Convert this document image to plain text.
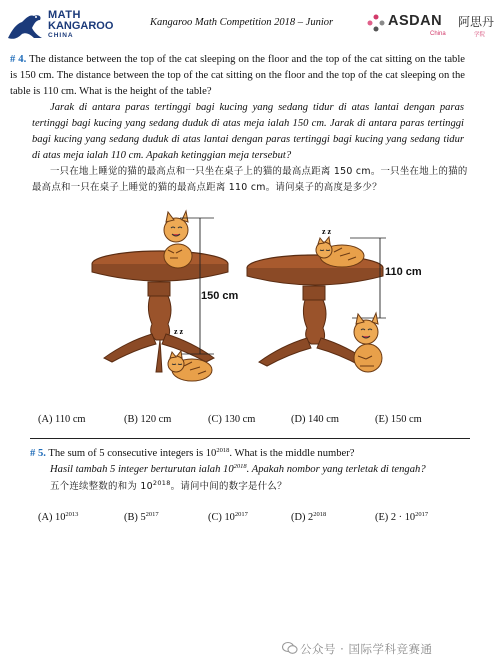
MATH
KANGAROO
CHINA
Kangaroo Math Competition 2018 – Junior	ASDAN
China
阿思丹
学院
# 4. The distance between the top of the cat sleeping on the floor and the top of the cat sitting on the table is 150 cm. The distance between the top of the cat sitting on the floor and the top of the cat sleeping on the table is 110 cm. What is the height of the table?
Jarak di antara paras tertinggi bagi kucing yang sedang tidur di atas lantai dengan paras tertinggi bagi kucing yang sedang duduk di atas meja ialah 150 cm. Jarak di antara paras tertinggi bagi kucing yang sedang duduk di atas lantai dengan paras tertinggi bagi kucing yang sedang tidur di atas meja ialah 110 cm. Apakah ketinggian meja tersebut?
一只在地上睡觉的猫的最高点和一只坐在桌子上的猫的最高点距离 150 cm。一只坐在地上的猫的最高点和一只在桌子上睡觉的猫的最高点距离 110 cm。请问桌子的高度是多少？
z z
z z
150 cm
110 cm
(A) 110 cm	(B) 120 cm	(C) 130 cm	(D) 140 cm	(E) 150 cm
# 5. The sum of 5 consecutive integers is $10^{2018}$. What is the middle number?
Hasil tambah 5 integer berturutan ialah $10^{2018}$. Apakah nombor yang terletak di tengah?
五个连续整数的和为 $10^{2018}$。请问中间的数字是什么？
(A) $10^{2013}$	(B) $5^{2017}$	(C) $10^{2017}$	(D) $2^{2018}$	(E) $2 \cdot 10^{2017}$
公众号 · 国际学科竞赛通
